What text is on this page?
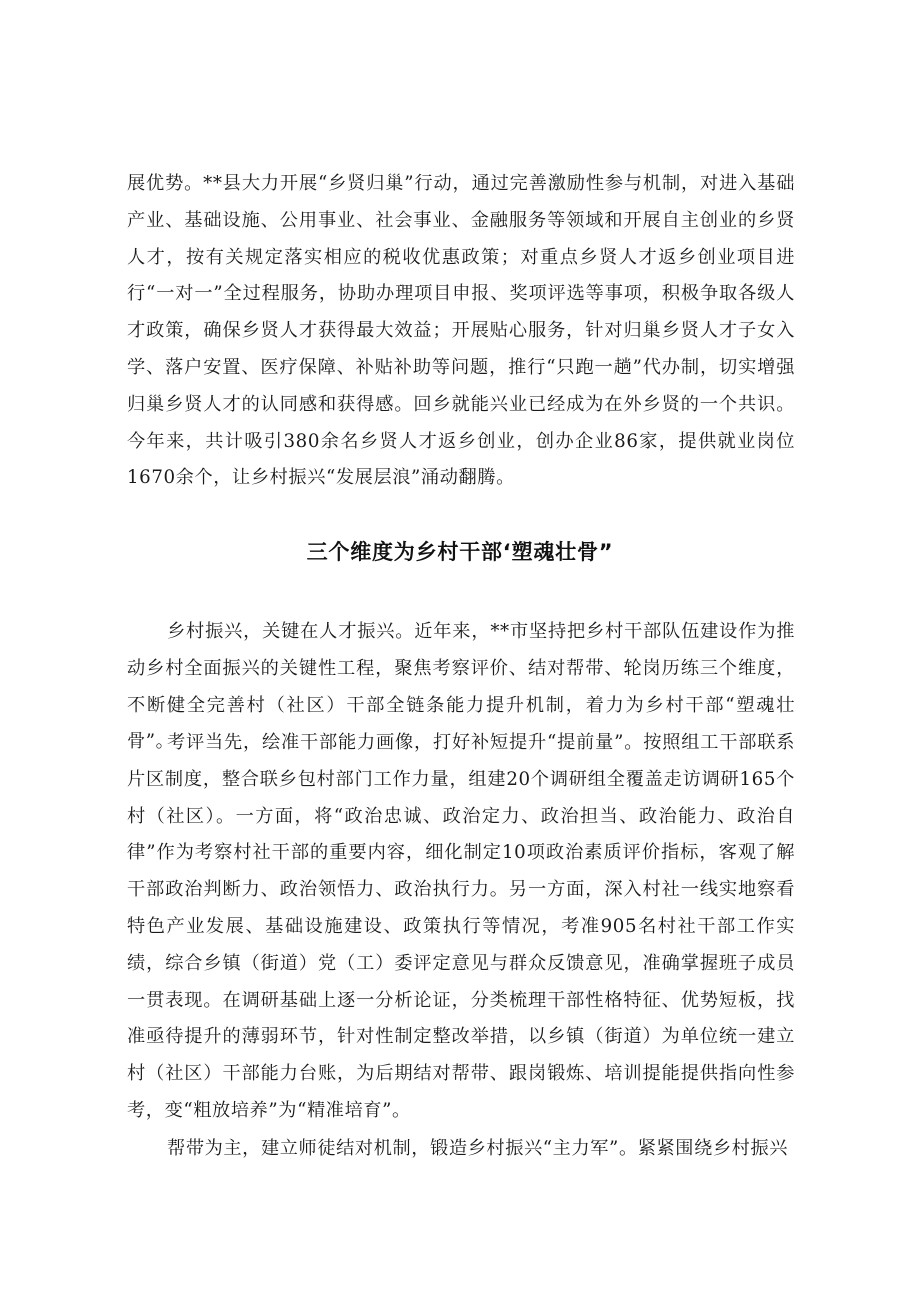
展优势。**县大力开展“乡贤归巢”行动，通过完善激励性参与机制，对进入基础产业、基础设施、公用事业、社会事业、金融服务等领域和开展自主创业的乡贤人才，按有关规定落实相应的税收优惠政策；对重点乡贤人才返乡创业项目进行“一对一”全过程服务，协助办理项目申报、奖项评选等事项，积极争取各级人才政策，确保乡贤人才获得最大效益；开展贴心服务，针对归巢乡贤人才子女入学、落户安置、医疗保障、补贴补助等问题，推行“只跑一趟”代办制，切实增强归巢乡贤人才的认同感和获得感。回乡就能兴业已经成为在外乡贤的一个共识。今年来，共计吸引380余名乡贤人才返乡创业，创办企业86家，提供就业岗位1670余个，让乡村振兴“发展层浪”涌动翻腾。

三个维度为乡村干部‘塑魂壮骨”

乡村振兴，关键在人才振兴。近年来，**市坚持把乡村干部队伍建设作为推动乡村全面振兴的关键性工程，聚焦考察评价、结对帮带、轮岗历练三个维度，不断健全完善村（社区）干部全链条能力提升机制，着力为乡村干部“塑魂壮骨”。

考评当先，绘准干部能力画像，打好补短提升“提前量”。按照组工干部联系片区制度，整合联乡包村部门工作力量，组建20个调研组全覆盖走访调研165个村（社区）。一方面，将“政治忠诚、政治定力、政治担当、政治能力、政治自律”作为考察村社干部的重要内容，细化制定10项政治素质评价指标，客观了解干部政治判断力、政治领悟力、政治执行力。另一方面，深入村社一线实地察看特色产业发展、基础设施建设、政策执行等情况，考准905名村社干部工作实绩，综合乡镇（街道）党（工）委评定意见与群众反馈意见，准确掌握班子成员一贯表现。在调研基础上逐一分析论证，分类梳理干部性格特征、优势短板，找准亟待提升的薄弱环节，针对性制定整改举措，以乡镇（街道）为单位统一建立村（社区）干部能力台账，为后期结对帮带、跟岗锻炼、培训提能提供指向性参考，变“粗放培养”为“精准培育”。

帮带为主，建立师徒结对机制，锻造乡村振兴“主力军”。紧紧围绕乡村振兴
